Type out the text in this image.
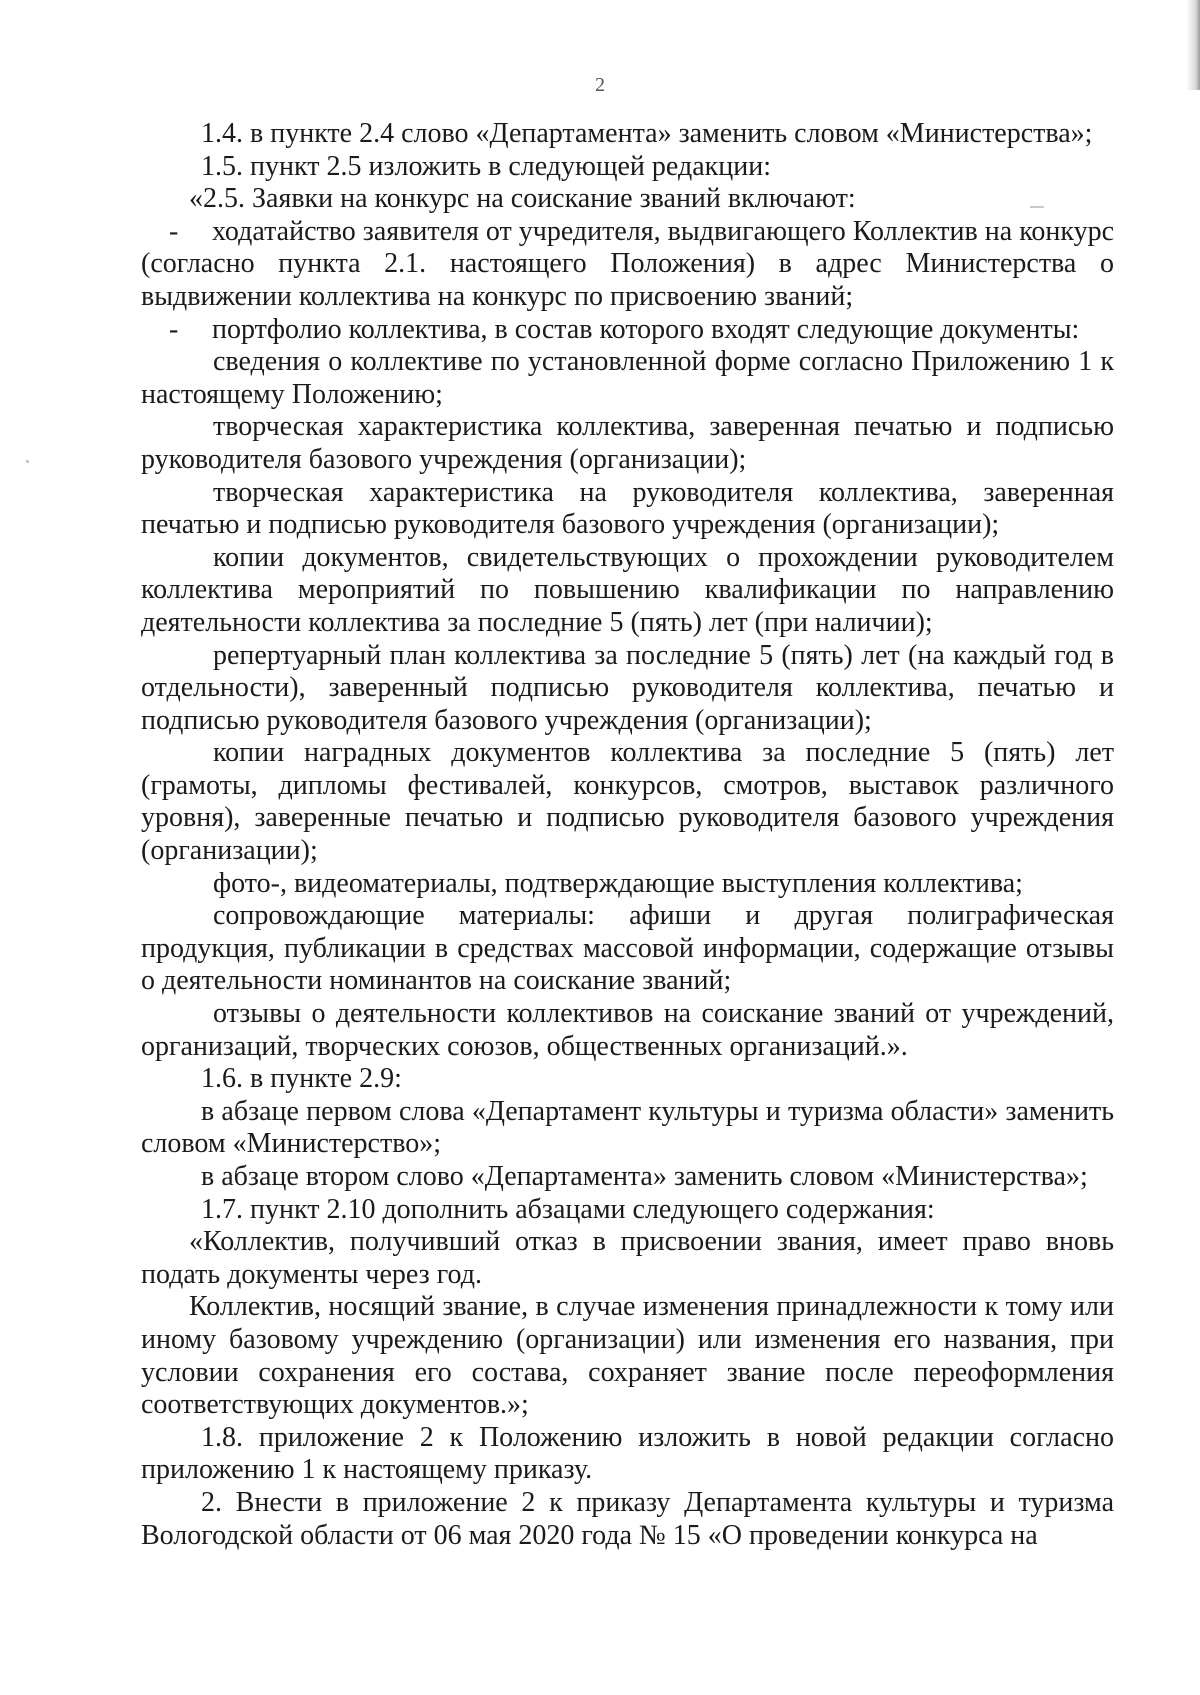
2

1.4. в пункте 2.4 слово «Департамента» заменить словом «Министерства»;

1.5. пункт 2.5 изложить в следующей редакции:

«2.5. Заявки на конкурс на соискание званий включают:

- ходатайство заявителя от учредителя, выдвигающего Коллектив на конкурс (согласно пункта 2.1. настоящего Положения) в адрес Министерства о выдвижении коллектива на конкурс по присвоению званий;

- портфолио коллектива, в состав которого входят следующие документы:

сведения о коллективе по установленной форме согласно Приложению 1 к настоящему Положению;

творческая характеристика коллектива, заверенная печатью и подписью руководителя базового учреждения (организации);

творческая характеристика на руководителя коллектива, заверенная печатью и подписью руководителя базового учреждения (организации);

копии документов, свидетельствующих о прохождении руководителем коллектива мероприятий по повышению квалификации по направлению деятельности коллектива за последние 5 (пять) лет (при наличии);

репертуарный план коллектива за последние 5 (пять) лет (на каждый год в отдельности), заверенный подписью руководителя коллектива, печатью и подписью руководителя базового учреждения (организации);

копии наградных документов коллектива за последние 5 (пять) лет (грамоты, дипломы фестивалей, конкурсов, смотров, выставок различного уровня), заверенные печатью и подписью руководителя базового учреждения (организации);

фото-, видеоматериалы, подтверждающие выступления коллектива;

сопровождающие материалы: афиши и другая полиграфическая продукция, публикации в средствах массовой информации, содержащие отзывы о деятельности номинантов на соискание званий;

отзывы о деятельности коллективов на соискание званий от учреждений, организаций, творческих союзов, общественных организаций.».

1.6. в пункте 2.9:

в абзаце первом слова «Департамент культуры и туризма области» заменить словом «Министерство»;

в абзаце втором слово «Департамента» заменить словом «Министерства»;

1.7. пункт 2.10 дополнить абзацами следующего содержания:

«Коллектив, получивший отказ в присвоении звания, имеет право вновь подать документы через год.

Коллектив, носящий звание, в случае изменения принадлежности к тому или иному базовому учреждению (организации) или изменения его названия, при условии сохранения его состава, сохраняет звание после переоформления соответствующих документов.»;

1.8. приложение 2 к Положению изложить в новой редакции согласно приложению 1 к настоящему приказу.

2. Внести в приложение 2 к приказу Департамента культуры и туризма Вологодской области от 06 мая 2020 года № 15 «О проведении конкурса на
